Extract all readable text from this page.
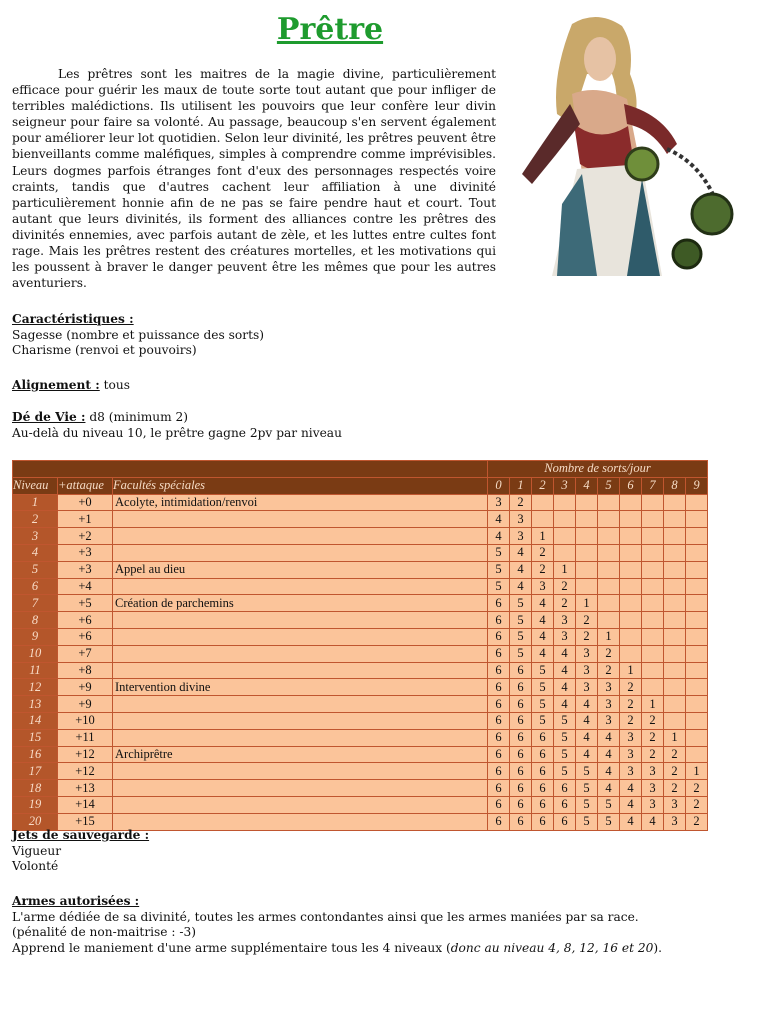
Prêtre
Les prêtres sont les maitres de la magie divine, particulièrement efficace pour guérir les maux de toute sorte tout autant que pour infliger de terribles malédictions. Ils utilisent les pouvoirs que leur confère leur divin seigneur pour faire sa volonté. Au passage, beaucoup s'en servent également pour améliorer leur lot quotidien. Selon leur divinité, les prêtres peuvent être bienveillants comme maléfiques, simples à comprendre comme imprévisibles. Leurs dogmes parfois étranges font d'eux des personnages respectés voire craints, tandis que d'autres cachent leur affiliation à une divinité particulièrement honnie afin de ne pas se faire pendre haut et court. Tout autant que leurs divinités, ils forment des alliances contre les prêtres des divinités ennemies, avec parfois autant de zèle, et les luttes entre cultes font rage. Mais les prêtres restent des créatures mortelles, et les motivations qui les poussent à braver le danger peuvent être les mêmes que pour les autres aventuriers.
Caractéristiques :
Sagesse (nombre et puissance des sorts)
Charisme (renvoi et pouvoirs)
Alignement : tous
Dé de Vie : d8 (minimum 2)
Au-delà du niveau 10, le prêtre gagne 2pv par niveau
			Nombre de sorts/jour									
Niveau	+attaque	Facultés spéciales	0	1	2	3	4	5	6	7	8	9
1	+0	Acolyte, intimidation/renvoi	3	2								
2	+1		4	3								
3	+2		4	3	1							
4	+3		5	4	2							
5	+3	Appel au dieu	5	4	2	1						
6	+4		5	4	3	2						
7	+5	Création de parchemins	6	5	4	2	1					
8	+6		6	5	4	3	2					
9	+6		6	5	4	3	2	1				
10	+7		6	5	4	4	3	2				
11	+8		6	6	5	4	3	2	1			
12	+9	Intervention divine	6	6	5	4	3	3	2			
13	+9		6	6	5	4	4	3	2	1		
14	+10		6	6	5	5	4	3	2	2		
15	+11		6	6	6	5	4	4	3	2	1	
16	+12	Archiprêtre	6	6	6	5	4	4	3	2	2	
17	+12		6	6	6	5	5	4	3	3	2	1
18	+13		6	6	6	6	5	4	4	3	2	2
19	+14		6	6	6	6	5	5	4	3	3	2
20	+15		6	6	6	6	5	5	4	4	3	2
Jets de sauvegarde :
Vigueur
Volonté
Armes autorisées :
L'arme dédiée de sa divinité, toutes les armes contondantes ainsi que les armes maniées par sa race.
(pénalité de non-maitrise : -3)
Apprend le maniement d'une arme supplémentaire tous les 4 niveaux (donc au niveau 4, 8, 12, 16 et 20).
